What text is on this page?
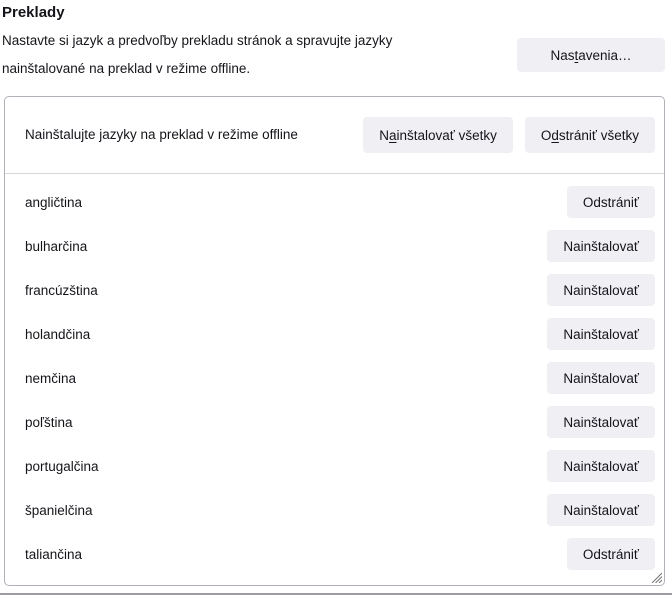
Preklady
Nastavte si jazyk a predvoľby prekladu stránok a spravujte jazyky
nainštalované na preklad v režime offline.
Nastavenia…
Nainštalujte jazyky na preklad v režime offline	Nainštalovať všetky	Odstrániť všetky
angličtina	Odstrániť
bulharčina	Nainštalovať
francúzština	Nainštalovať
holandčina	Nainštalovať
nemčina	Nainštalovať
poľština	Nainštalovať
portugalčina	Nainštalovať
španielčina	Nainštalovať
taliančina	Odstrániť
